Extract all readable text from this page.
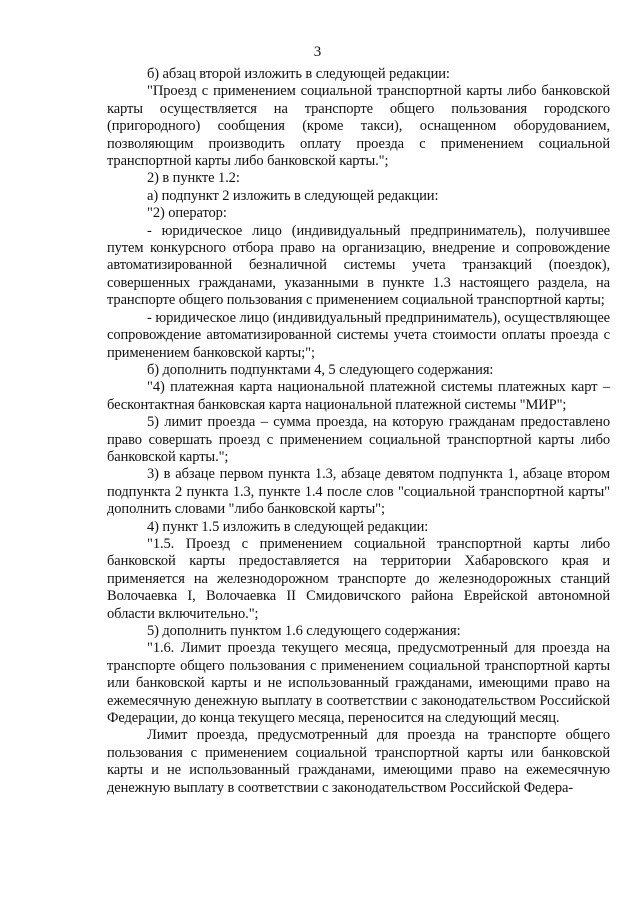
3

б) абзац второй изложить в следующей редакции:

"Проезд с применением социальной транспортной карты либо банковской карты осуществляется на транспорте общего пользования городского (пригородного) сообщения (кроме такси), оснащенном оборудованием, позволяющим производить оплату проезда с применением социальной транспортной карты либо банковской карты.";

2) в пункте 1.2:

а) подпункт 2 изложить в следующей редакции:

"2) оператор:

- юридическое лицо (индивидуальный предприниматель), получившее путем конкурсного отбора право на организацию, внедрение и сопровождение автоматизированной безналичной системы учета транзакций (поездок), совершенных гражданами, указанными в пункте 1.3 настоящего раздела, на транспорте общего пользования с применением социальной транспортной карты;

- юридическое лицо (индивидуальный предприниматель), осуществляющее сопровождение автоматизированной системы учета стоимости оплаты проезда с применением банковской карты;";

б) дополнить подпунктами 4, 5 следующего содержания:

"4) платежная карта национальной платежной системы платежных карт – бесконтактная банковская карта национальной платежной системы "МИР";

5) лимит проезда – сумма проезда, на которую гражданам предоставлено право совершать проезд с применением социальной транспортной карты либо банковской карты.";

3) в абзаце первом пункта 1.3, абзаце девятом подпункта 1, абзаце втором подпункта 2 пункта 1.3, пункте 1.4 после слов "социальной транспортной карты" дополнить словами "либо банковской карты";

4) пункт 1.5 изложить в следующей редакции:

"1.5. Проезд с применением социальной транспортной карты либо банковской карты предоставляется на территории Хабаровского края и применяется на железнодорожном транспорте до железнодорожных станций Волочаевка I, Волочаевка II Смидовичского района Еврейской автономной области включительно.";

5) дополнить пунктом 1.6 следующего содержания:

"1.6. Лимит проезда текущего месяца, предусмотренный для проезда на транспорте общего пользования с применением социальной транспортной карты или банковской карты и не использованный гражданами, имеющими право на ежемесячную денежную выплату в соответствии с законодательством Российской Федерации, до конца текущего месяца, переносится на следующий месяц.

Лимит проезда, предусмотренный для проезда на транспорте общего пользования с применением социальной транспортной карты или банковской карты и не использованный гражданами, имеющими право на ежемесячную денежную выплату в соответствии с законодательством Российской Федера-
